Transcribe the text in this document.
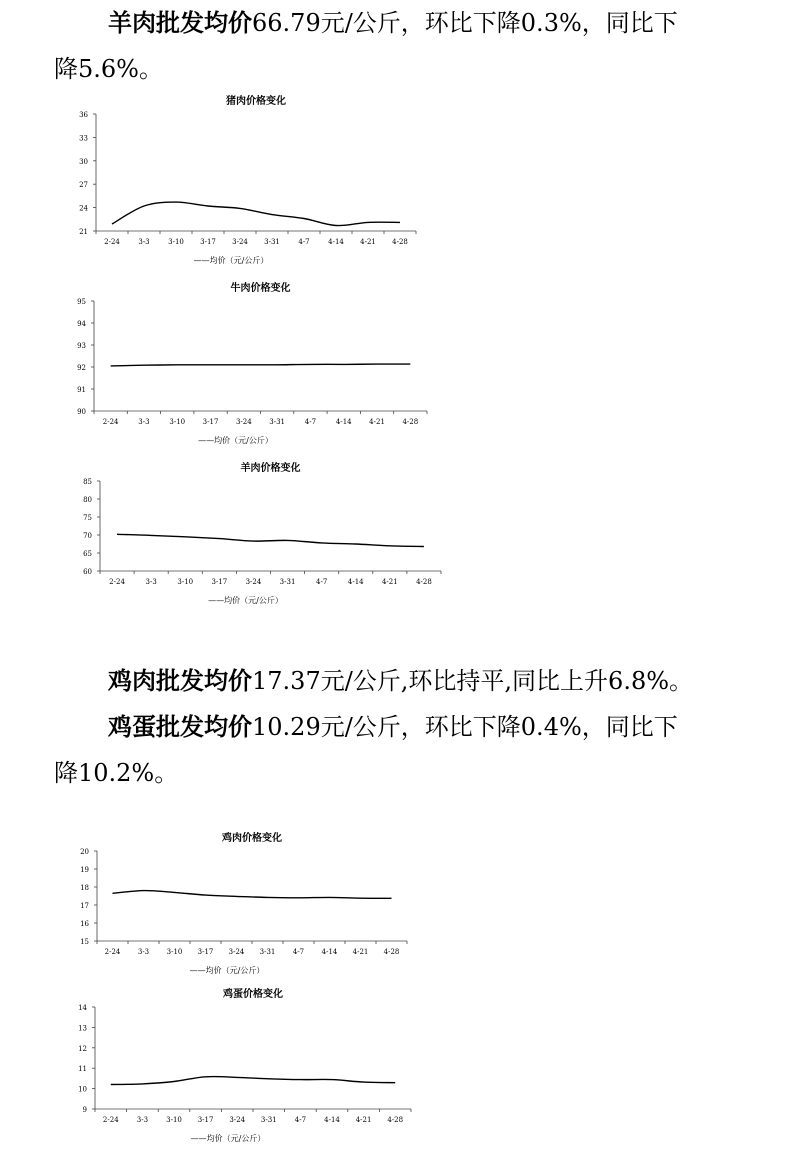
羊肉批发均价66.79元/公斤，环比下降0.3%，同比下
降5.6%。
猪肉价格变化
21
24
27
30
33
36
2-24	3-3	3-10 3-17 3-24 3-31	4-7	4-14 4-21 4-28
——均价（元/公斤）
牛肉价格变化
90
91
92
93
94
95
2-24	3-3	3-10	3-17	3-24	3-31	4-7	4-14	4-21	4-28
——均价（元/公斤）
羊肉价格变化
60
65
70
75
80
85
2-24	3-3	3-10	3-17	3-24	3-31	4-7	4-14	4-21	4-28
——均价（元/公斤）
鸡肉批发均价17.37元/公斤,环比持平,同比上升6.8%。
鸡蛋批发均价10.29元/公斤，环比下降0.4%，同比下
降10.2%。
鸡肉价格变化
15
16
17
18
19
20
2-24 3-3 3-10 3-17 3-24 3-31 4-7 4-14 4-21 4-28
——均价（元/公斤）
鸡蛋价格变化
9
10
11
12
13
14
2-24	3-3	3-10 3-17 3-24 3-31	4-7	4-14 4-21 4-28
——均价（元/公斤）
